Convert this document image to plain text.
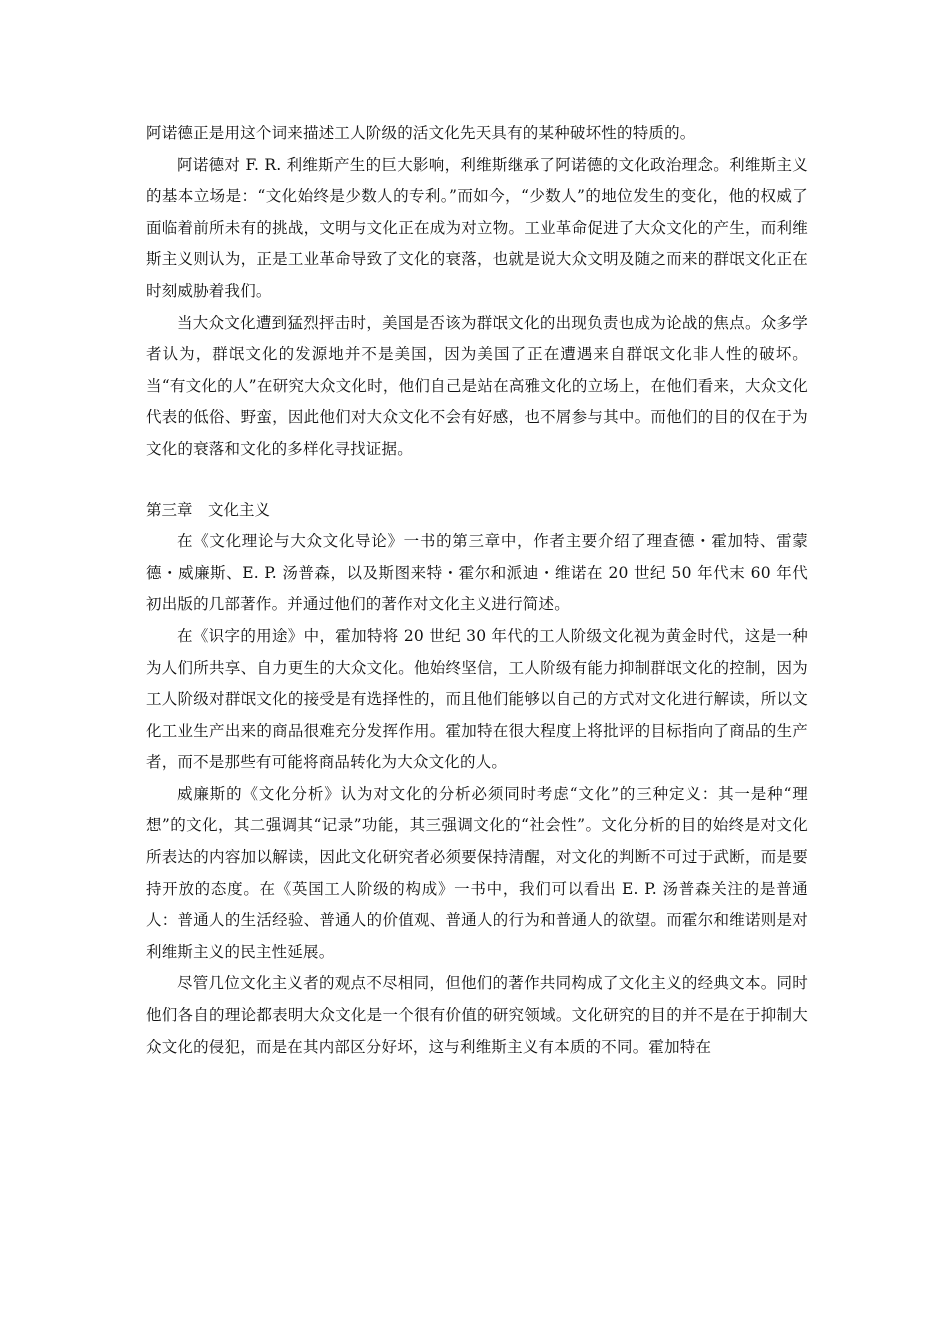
阿诺德正是用这个词来描述工人阶级的活文化先天具有的某种破坏性的特质的。

阿诺德对 F. R. 利维斯产生的巨大影响，利维斯继承了阿诺德的文化政治理念。利维斯主义的基本立场是：“文化始终是少数人的专利。”而如今，“少数人”的地位发生的变化，他的权威了面临着前所未有的挑战，文明与文化正在成为对立物。工业革命促进了大众文化的产生，而利维斯主义则认为，正是工业革命导致了文化的衰落，也就是说大众文明及随之而来的群氓文化正在时刻威胁着我们。

当大众文化遭到猛烈抨击时，美国是否该为群氓文化的出现负责也成为论战的焦点。众多学者认为，群氓文化的发源地并不是美国，因为美国了正在遭遇来自群氓文化非人性的破坏。当“有文化的人”在研究大众文化时，他们自己是站在高雅文化的立场上，在他们看来，大众文化代表的低俗、野蛮，因此他们对大众文化不会有好感，也不屑参与其中。而他们的目的仅在于为文化的衰落和文化的多样化寻找证据。

第三章　 文化主义

在《文化理论与大众文化导论》一书的第三章中，作者主要介绍了理查德・霍加特、雷蒙德・威廉斯、E. P. 汤普森，以及斯图来特・霍尔和派迪・维诺在 20 世纪 50 年代末 60 年代初出版的几部著作。并通过他们的著作对文化主义进行简述。

在《识字的用途》中，霍加特将 20 世纪 30 年代的工人阶级文化视为黄金时代，这是一种为人们所共享、自力更生的大众文化。他始终坚信，工人阶级有能力抑制群氓文化的控制，因为工人阶级对群氓文化的接受是有选择性的，而且他们能够以自己的方式对文化进行解读，所以文化工业生产出来的商品很难充分发挥作用。霍加特在很大程度上将批评的目标指向了商品的生产者，而不是那些有可能将商品转化为大众文化的人。

威廉斯的《文化分析》认为对文化的分析必须同时考虑“文化”的三种定义：其一是种“理想”的文化，其二强调其“记录”功能，其三强调文化的“社会性”。文化分析的目的始终是对文化所表达的内容加以解读，因此文化研究者必须要保持清醒，对文化的判断不可过于武断，而是要持开放的态度。在《英国工人阶级的构成》一书中，我们可以看出 E. P. 汤普森关注的是普通人：普通人的生活经验、普通人的价值观、普通人的行为和普通人的欲望。而霍尔和维诺则是对利维斯主义的民主性延展。

尽管几位文化主义者的观点不尽相同，但他们的著作共同构成了文化主义的经典文本。同时他们各自的理论都表明大众文化是一个很有价值的研究领域。文化研究的目的并不是在于抑制大众文化的侵犯，而是在其内部区分好坏，这与利维斯主义有本质的不同。霍加特在
